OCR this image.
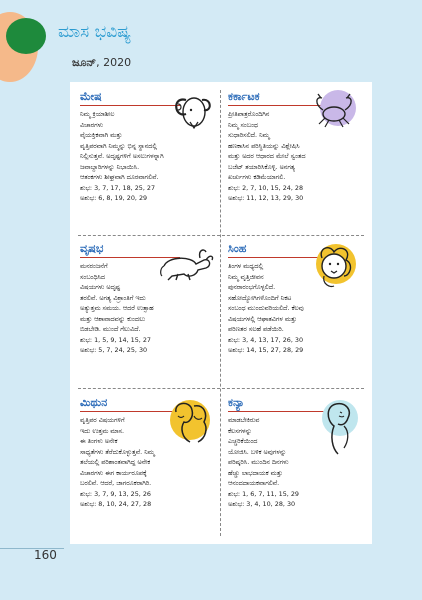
ಮಾಸ ಭವಿಷ್ಯ
ಜೂನ್, 2020
ಮೇಷ
ನಿಮ್ಮ ಕ್ರಿಯಾಶೀಲ
ವಿಚಾರಗಳು
ವೈಯಕ್ತಿಕವಾಗಿ ಮತ್ತು
ವೃತ್ತಿಪರವಾಗಿ ನಿಮ್ಮನ್ನು ಭಿನ್ನ ಸ್ಥಾನದಲ್ಲಿ
ನಿಲ್ಲಿಸುತ್ತವೆ. ಅದೃಷ್ಟಗಳಿಗೆ ಅಸಲುಗಳನ್ನಾಗಿ
ಜವಾಬ್ದಾರಿಗಳನ್ನು ನಿಭಾಯಿಸಿ.
ಆತಂಕಗಳು ಶೀಘ್ರವಾಗಿ ದೂರವಾಗಲಿವೆ.
ಶುಭ: 3, 7, 17, 18, 25, 27
ಅಶುಭ: 6, 8, 19, 20, 29
ಕರ್ಕಾಟಕ
ಪ್ರೀತಿಪಾತ್ರರೊಂದಿಗಿನ
ನಿಮ್ಮ ಸಂಬಂಧ
ಸುಧಾರಿಸಲಿದೆ. ನಿಮ್ಮ
ಹಣಕಾಸಿನ ಪರಿಸ್ಥಿತಿಯನ್ನು ವಿಶ್ಲೇಷಿಸಿ
ಮತ್ತು ಅದರ ಆಧಾರದ ಮೇಲೆ ಸ್ವಂತದ
ಬಜೆಟ್ ತಯಾರಿಸಿಕೊಳ್ಳಿ. ಅನಗತ್ಯ
ಖರ್ಚುಗಳು ಕಡಿಮೆಯಾಗಲಿ.
ಶುಭ: 2, 7, 10, 15, 24, 28
ಅಶುಭ: 11, 12, 13, 29, 30
ವೃಷಭ
ಮನರಂಜನೆಗೆ
ಸಂಬಂಧಿಸಿದ
ವಿಷಯಗಳು ಅದೃಷ್ಟ
ತರಲಿವೆ. ಅಗತ್ಯ ವಿಶ್ರಾಂತಿಗೆ ಇದು
ಅತ್ಯುತ್ತಮ ಸಮಯ. ಆದರೆ ಉತ್ಸಾಹ
ಮತ್ತು ಆಶಾವಾದವನ್ನು ಕುಂದಲು
ಬಿಡಬೇಡಿ. ಮುಂದೆ ಗೆಲುವಿದೆ.
ಶುಭ: 1, 5, 9, 14, 15, 27
ಅಶುಭ: 5, 7, 24, 25, 30
ಸಿಂಹ
ತಿಂಗಳ ಮಧ್ಯದಲ್ಲಿ
ನಿಮ್ಮ ವೃತ್ತಿಜೀವನ
ಪುನರಾರಂಭಗೊಳ್ಳಲಿದೆ.
ಸಹೋದ್ಯೋಗಿಗಳೊಂದಿಗೆ ನಿಕಟ
ಸಂಬಂಧ ಮುಂದುವರಿಯಲಿದೆ. ಕೆಲವು
ವಿಷಯಗಳಲ್ಲಿ ಆಘಾತವಿಗಳ ಮತ್ತು
ಪರಿಣತರ ಸಲಹೆ ಪಡೆಯಿರಿ.
ಶುಭ: 3, 4, 13, 17, 26, 30
ಅಶುಭ: 14, 15, 27, 28, 29
ಮಿಥುನ
ವೃತ್ತಿಪರ ವಿಷಯಗಳಿಗೆ
ಇದು ಉತ್ತಮ ಮಾಸ.
ಈ ತಿಂಗಳು ಅನೇಕ
ಸಾಧ್ಯತೆಗಳು ತೆರೆದುಕೊಳ್ಳುತ್ತವೆ. ನಿಮ್ಮ
ತಲೆಯಲ್ಲಿ ಪರಿಶಾಂತವಾಗಿದ್ದ ಅನೇಕ
ವಿಚಾರಗಳು ಈಗ ಕಾರ್ಯರೂಪಕ್ಕೆ
ಬರಲಿವೆ. ಆದರೆ, ಜಾಗರೂಕರಾಗಿರಿ.
ಶುಭ: 3, 7, 9, 13, 25, 26
ಅಶುಭ: 8, 10, 24, 27, 28
ಕನ್ಯಾ
ಮಾಡಬೇಕಿರುವ
ಕೆಲಸಗಳನ್ನು
ಎಚ್ಚರಿಕೆಯಿಂದ
ಯೋಜಿಸಿ. ಬಳಿಕ ಅವುಗಳನ್ನು
ಪರಿಷ್ಕರಿಸಿ. ಮುಂದಿನ ದಿನಗಳು
ಹೆಚ್ಚು ಲಾಭದಾಯಕ ಮತ್ತು
ಆನಂದದಾಯಕವಾಗಲಿವೆ.
ಶುಭ: 1, 6, 7, 11, 15, 29
ಅಶುಭ: 3, 4, 10, 28, 30
160
